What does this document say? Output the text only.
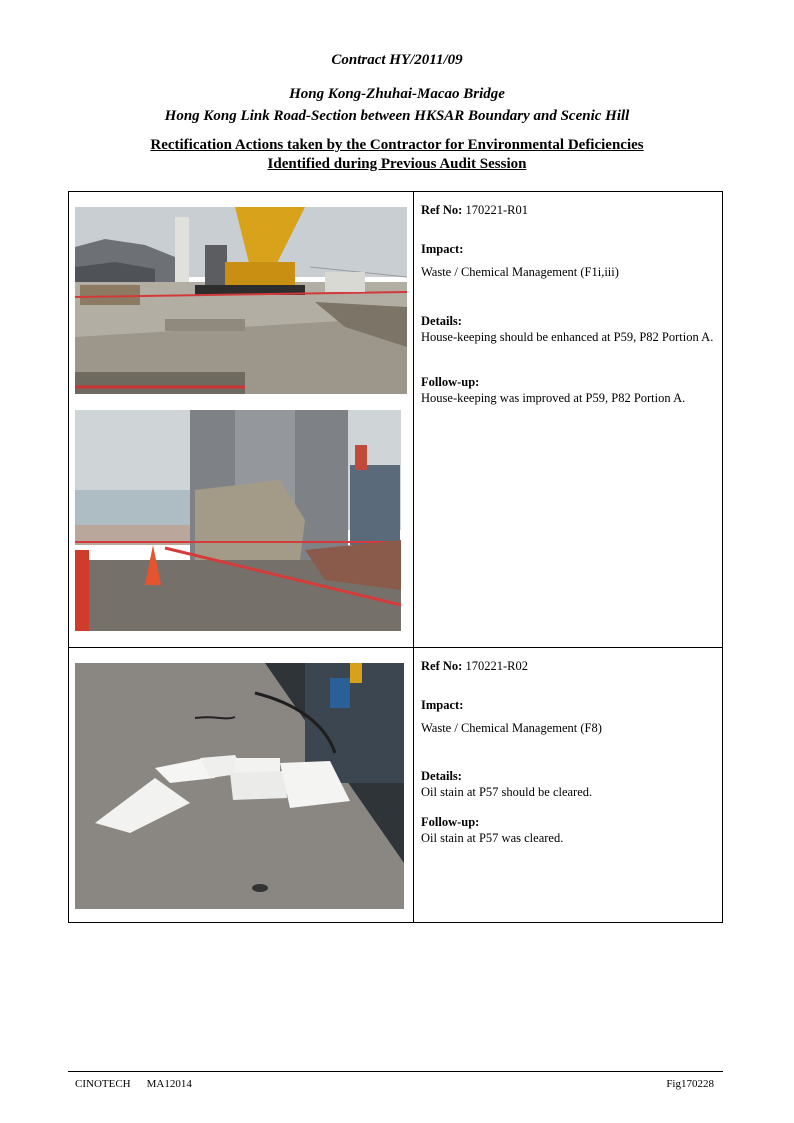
Contract HY/2011/09
Hong Kong-Zhuhai-Macao Bridge
Hong Kong Link Road-Section between HKSAR Boundary and Scenic Hill
Rectification Actions taken by the Contractor for Environmental Deficiencies
Identified during Previous Audit Session
Ref No: 170221-R01
Impact:
Waste / Chemical Management (F1i,iii)
Details:
House-keeping should be enhanced at P59, P82 Portion A.
Follow-up:
House-keeping was improved at P59, P82 Portion A.
Ref No: 170221-R02
Impact:
Waste / Chemical Management (F8)
Details:
Oil stain at P57 should be cleared.
Follow-up:
Oil stain at P57 was cleared.
CINOTECH MA12014	Fig170228
